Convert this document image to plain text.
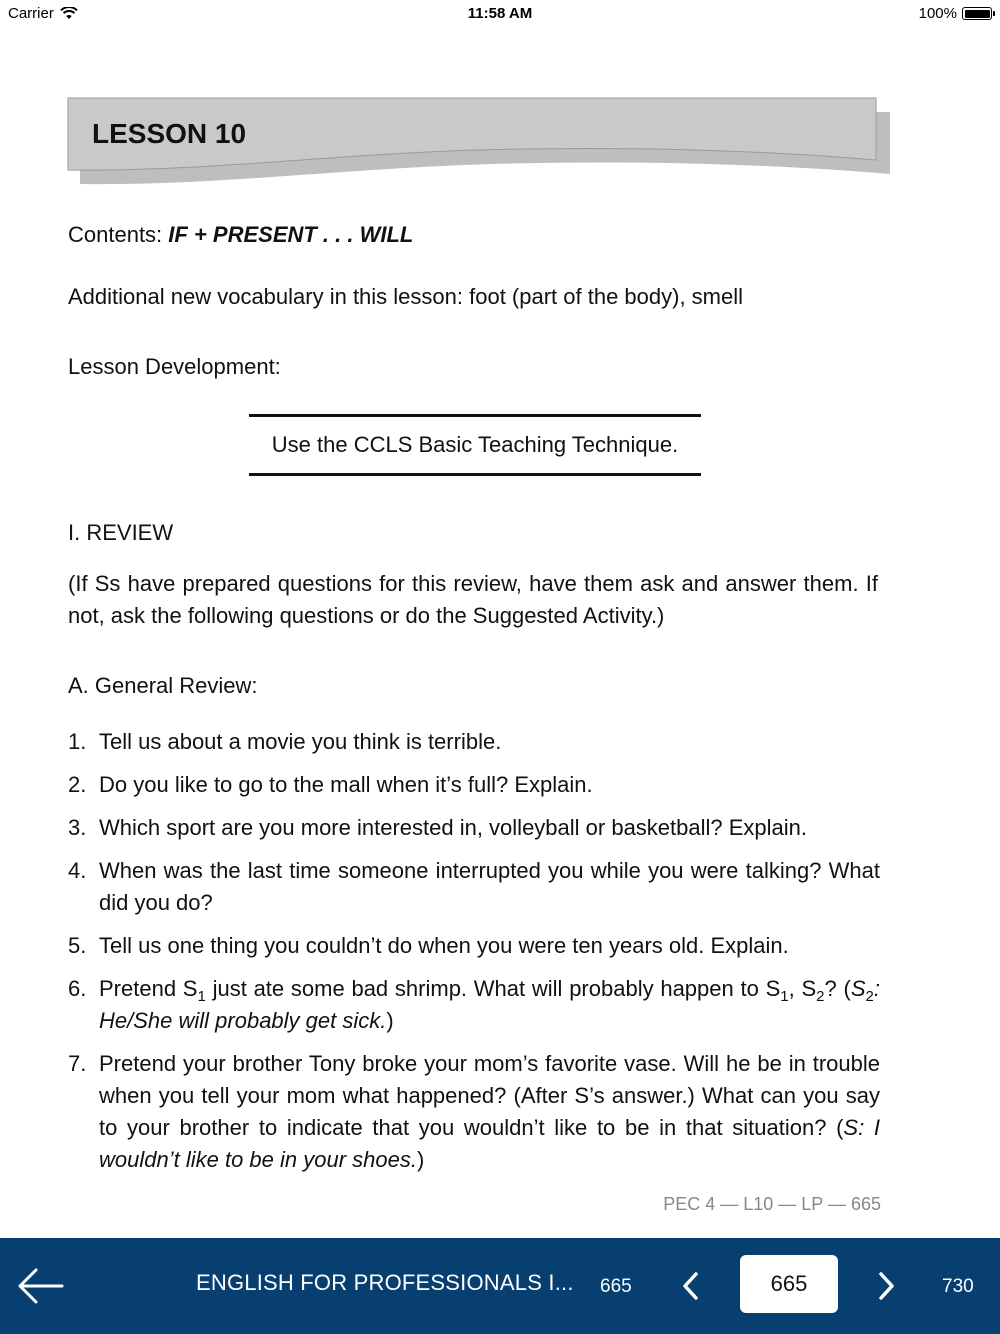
Carrier	11:58 AM	100%
LESSON 10
Contents: IF + PRESENT . . . WILL
Additional new vocabulary in this lesson: foot (part of the body), smell
Lesson Development:
Use the CCLS Basic Teaching Technique.
I. REVIEW
(If Ss have prepared questions for this review, have them ask and answer them. If not, ask the following questions or do the Suggested Activity.)
A. General Review:
1. Tell us about a movie you think is terrible.
2. Do you like to go to the mall when it’s full? Explain.
3. Which sport are you more interested in, volleyball or basketball? Explain.
4. When was the last time someone interrupted you while you were talking? What did you do?
5. Tell us one thing you couldn’t do when you were ten years old. Explain.
6. Pretend $S_1$ just ate some bad shrimp. What will probably happen to $S_1$, $S_2$? ($S_2$: He/She will probably get sick.)
7. Pretend your brother Tony broke your mom’s favorite vase. Will he be in trouble when you tell your mom what happened? (After S’s answer.) What can you say to your brother to indicate that you wouldn’t like to be in that situation? (S: I wouldn’t like to be in your shoes.)
PEC 4 — L10 — LP — 665
ENGLISH FOR PROFESSIONALS I... 665
665	730
